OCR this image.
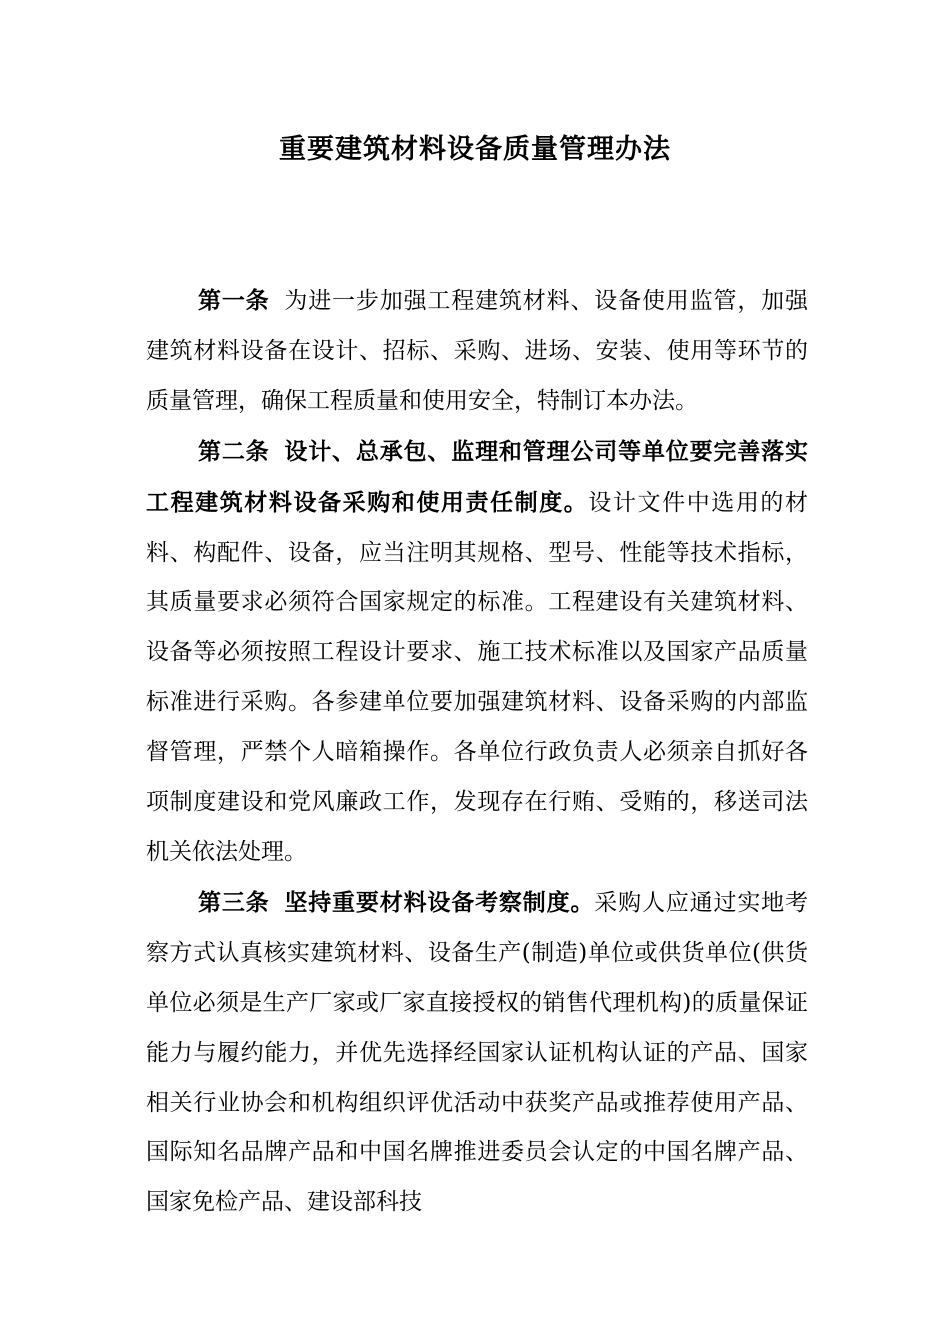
重要建筑材料设备质量管理办法

第一条 为进一步加强工程建筑材料、设备使用监管，加强建筑材料设备在设计、招标、采购、进场、安装、使用等环节的质量管理，确保工程质量和使用安全，特制订本办法。

第二条 设计、总承包、监理和管理公司等单位要完善落实工程建筑材料设备采购和使用责任制度。设计文件中选用的材料、构配件、设备，应当注明其规格、型号、性能等技术指标，其质量要求必须符合国家规定的标准。工程建设有关建筑材料、设备等必须按照工程设计要求、施工技术标准以及国家产品质量标准进行采购。各参建单位要加强建筑材料、设备采购的内部监督管理，严禁个人暗箱操作。各单位行政负责人必须亲自抓好各项制度建设和党风廉政工作，发现存在行贿、受贿的，移送司法机关依法处理。

第三条 坚持重要材料设备考察制度。采购人应通过实地考察方式认真核实建筑材料、设备生产(制造)单位或供货单位(供货单位必须是生产厂家或厂家直接授权的销售代理机构)的质量保证能力与履约能力，并优先选择经国家认证机构认证的产品、国家相关行业协会和机构组织评优活动中获奖产品或推荐使用产品、国际知名品牌产品和中国名牌推进委员会认定的中国名牌产品、国家免检产品、建设部科技
